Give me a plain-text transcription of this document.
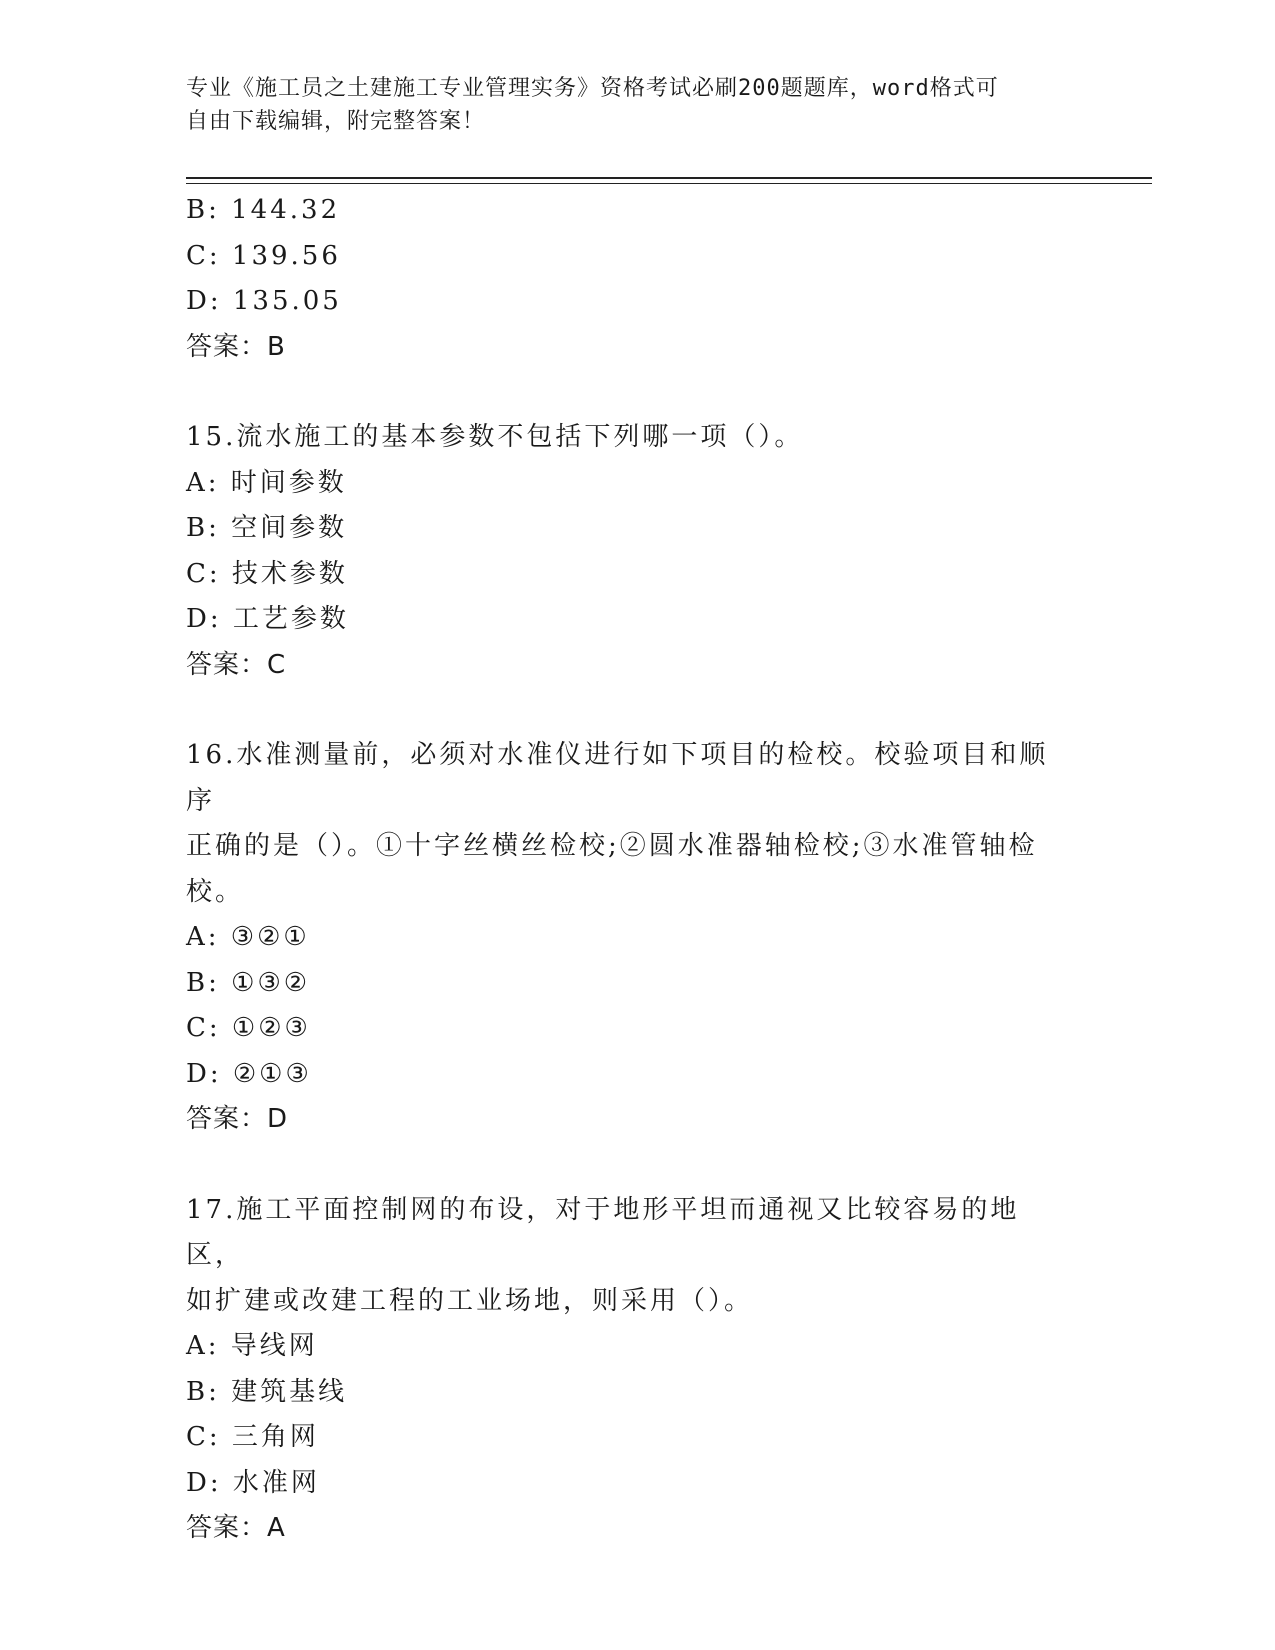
专业《施工员之土建施工专业管理实务》资格考试必刷200题题库，word格式可
自由下载编辑，附完整答案！

B: 144.32

C: 139.56

D: 135.05

答案：B

15.流水施工的基本参数不包括下列哪一项（）。

A: 时间参数

B: 空间参数

C: 技术参数

D: 工艺参数

答案：C

16.水准测量前，必须对水准仪进行如下项目的检校。校验项目和顺序

正确的是（）。①十字丝横丝检校;②圆水准器轴检校;③水准管轴检

校。

A: ③②①

B: ①③②

C: ①②③

D: ②①③

答案：D

17.施工平面控制网的布设，对于地形平坦而通视又比较容易的地区，

如扩建或改建工程的工业场地，则采用（）。

A: 导线网

B: 建筑基线

C: 三角网

D: 水准网

答案：A
